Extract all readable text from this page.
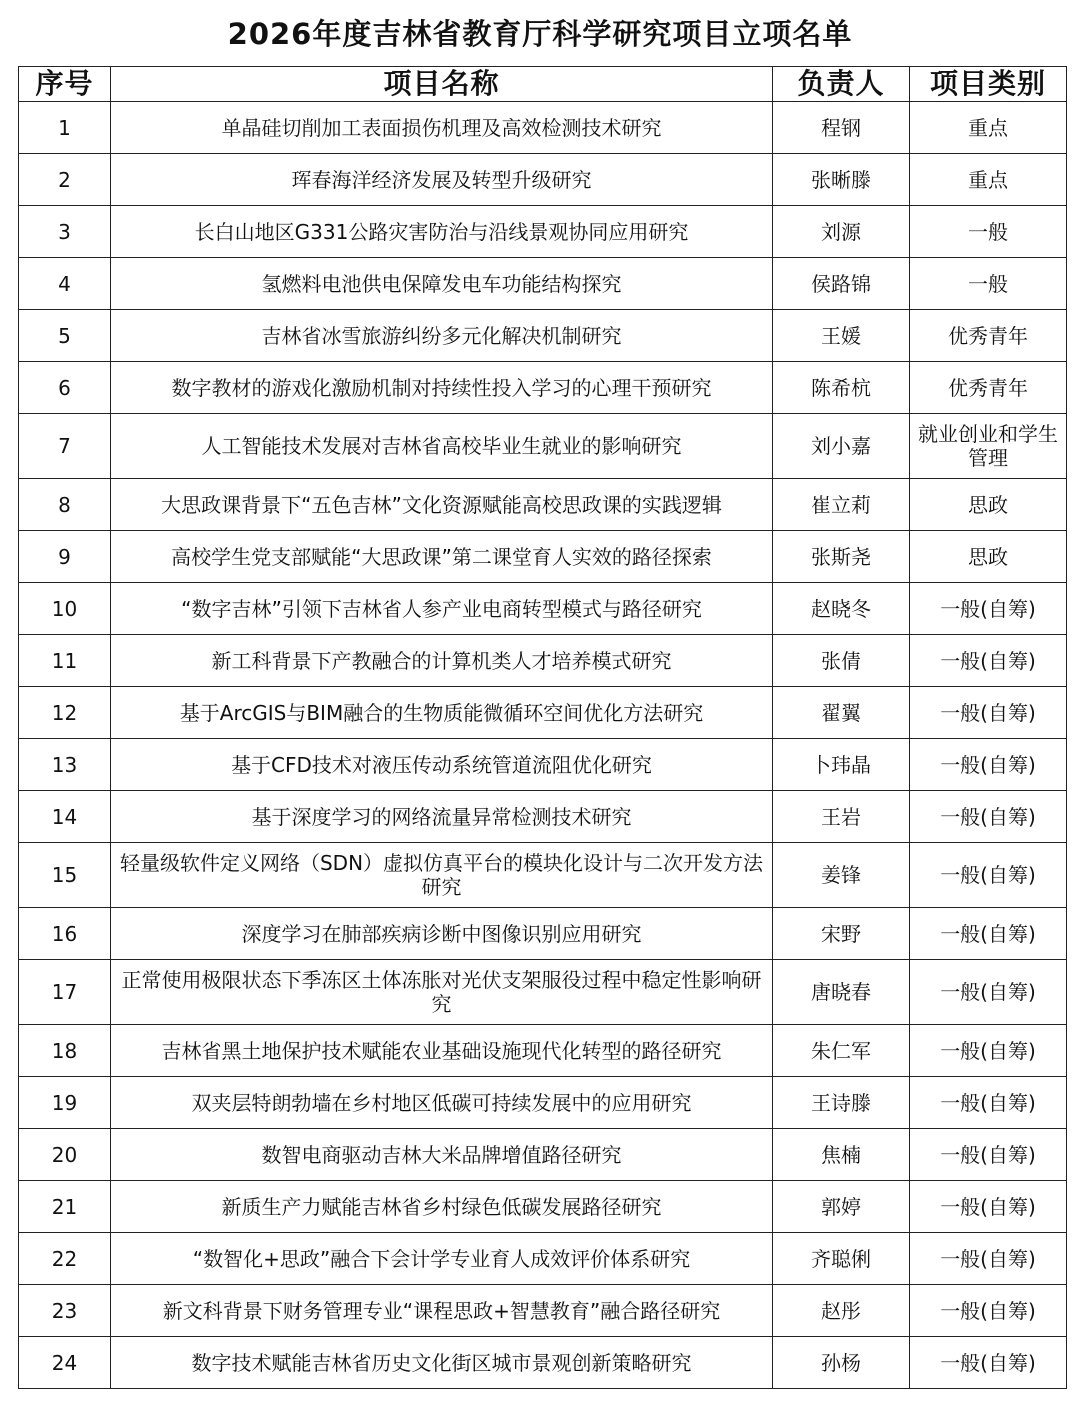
2026年度吉林省教育厅科学研究项目立项名单
序号	项目名称	负责人	项目类别
1	单晶硅切削加工表面损伤机理及高效检测技术研究	程钢	重点
2	珲春海洋经济发展及转型升级研究	张晰滕	重点
3	长白山地区G331公路灾害防治与沿线景观协同应用研究	刘源	一般
4	氢燃料电池供电保障发电车功能结构探究	侯路锦	一般
5	吉林省冰雪旅游纠纷多元化解决机制研究	王媛	优秀青年
6	数字教材的游戏化激励机制对持续性投入学习的心理干预研究	陈希杭	优秀青年
7	人工智能技术发展对吉林省高校毕业生就业的影响研究	刘小嘉	就业创业和学生管理
8	大思政课背景下“五色吉林”文化资源赋能高校思政课的实践逻辑	崔立莉	思政
9	高校学生党支部赋能“大思政课”第二课堂育人实效的路径探索	张斯尧	思政
10	“数字吉林”引领下吉林省人参产业电商转型模式与路径研究	赵晓冬	一般(自筹)
11	新工科背景下产教融合的计算机类人才培养模式研究	张倩	一般(自筹)
12	基于ArcGIS与BIM融合的生物质能微循环空间优化方法研究	翟翼	一般(自筹)
13	基于CFD技术对液压传动系统管道流阻优化研究	卜玮晶	一般(自筹)
14	基于深度学习的网络流量异常检测技术研究	王岩	一般(自筹)
15	轻量级软件定义网络（SDN）虚拟仿真平台的模块化设计与二次开发方法研究	姜锋	一般(自筹)
16	深度学习在肺部疾病诊断中图像识别应用研究	宋野	一般(自筹)
17	正常使用极限状态下季冻区土体冻胀对光伏支架服役过程中稳定性影响研究	唐晓春	一般(自筹)
18	吉林省黑土地保护技术赋能农业基础设施现代化转型的路径研究	朱仁军	一般(自筹)
19	双夹层特朗勃墙在乡村地区低碳可持续发展中的应用研究	王诗滕	一般(自筹)
20	数智电商驱动吉林大米品牌增值路径研究	焦楠	一般(自筹)
21	新质生产力赋能吉林省乡村绿色低碳发展路径研究	郭婷	一般(自筹)
22	“数智化+思政”融合下会计学专业育人成效评价体系研究	齐聪俐	一般(自筹)
23	新文科背景下财务管理专业“课程思政+智慧教育”融合路径研究	赵彤	一般(自筹)
24	数字技术赋能吉林省历史文化街区城市景观创新策略研究	孙杨	一般(自筹)
